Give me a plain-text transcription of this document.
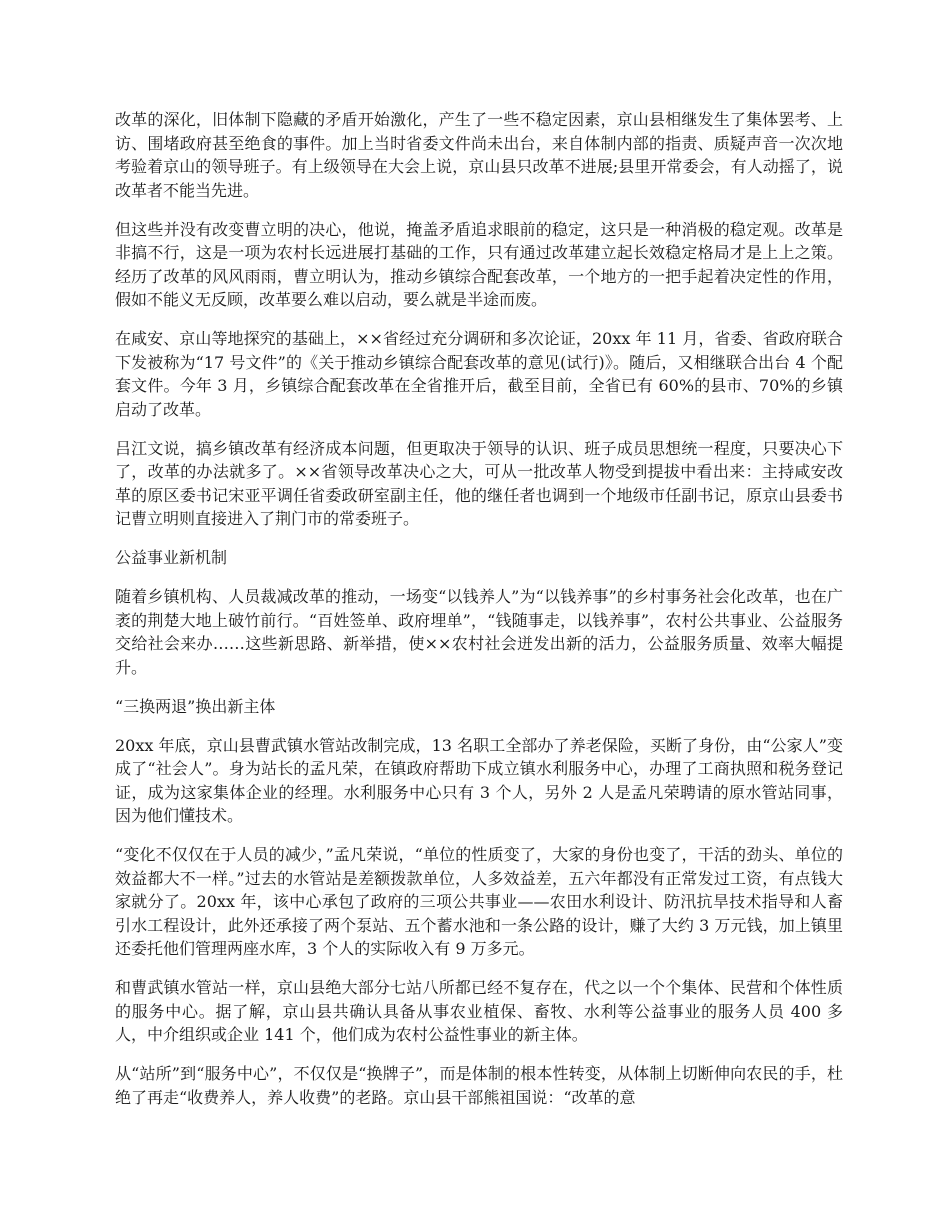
改革的深化，旧体制下隐藏的矛盾开始激化，产生了一些不稳定因素，京山县相继发生了集体罢考、上访、围堵政府甚至绝食的事件。加上当时省委文件尚未出台，来自体制内部的指责、质疑声音一次次地考验着京山的领导班子。有上级领导在大会上说，京山县只改革不进展;县里开常委会，有人动摇了，说改革者不能当先进。

但这些并没有改变曹立明的决心，他说，掩盖矛盾追求眼前的稳定，这只是一种消极的稳定观。改革是非搞不行，这是一项为农村长远进展打基础的工作，只有通过改革建立起长效稳定格局才是上上之策。经历了改革的风风雨雨，曹立明认为，推动乡镇综合配套改革，一个地方的一把手起着决定性的作用，假如不能义无反顾，改革要么难以启动，要么就是半途而废。

在咸安、京山等地探究的基础上，××省经过充分调研和多次论证，20xx 年 11 月，省委、省政府联合下发被称为“17 号文件”的《关于推动乡镇综合配套改革的意见(试行)》。随后，又相继联合出台 4 个配套文件。今年 3 月，乡镇综合配套改革在全省推开后，截至目前，全省已有 60%的县市、70%的乡镇启动了改革。

吕江文说，搞乡镇改革有经济成本问题，但更取决于领导的认识、班子成员思想统一程度，只要决心下了，改革的办法就多了。××省领导改革决心之大，可从一批改革人物受到提拔中看出来：主持咸安改革的原区委书记宋亚平调任省委政研室副主任，他的继任者也调到一个地级市任副书记，原京山县委书记曹立明则直接进入了荆门市的常委班子。

公益事业新机制

随着乡镇机构、人员裁减改革的推动，一场变“以钱养人”为“以钱养事”的乡村事务社会化改革，也在广袤的荆楚大地上破竹前行。“百姓签单、政府埋单”，“钱随事走，以钱养事”，农村公共事业、公益服务交给社会来办……这些新思路、新举措，使××农村社会迸发出新的活力，公益服务质量、效率大幅提升。

“三换两退”换出新主体

20xx 年底，京山县曹武镇水管站改制完成，13 名职工全部办了养老保险，买断了身份，由“公家人”变成了“社会人”。身为站长的孟凡荣，在镇政府帮助下成立镇水利服务中心，办理了工商执照和税务登记证，成为这家集体企业的经理。水利服务中心只有 3 个人，另外 2 人是孟凡荣聘请的原水管站同事，因为他们懂技术。

“变化不仅仅在于人员的减少，”孟凡荣说，“单位的性质变了，大家的身份也变了，干活的劲头、单位的效益都大不一样。”过去的水管站是差额拨款单位，人多效益差，五六年都没有正常发过工资，有点钱大家就分了。20xx 年，该中心承包了政府的三项公共事业——农田水利设计、防汛抗旱技术指导和人畜引水工程设计，此外还承接了两个泵站、五个蓄水池和一条公路的设计，赚了大约 3 万元钱，加上镇里还委托他们管理两座水库，3 个人的实际收入有 9 万多元。

和曹武镇水管站一样，京山县绝大部分七站八所都已经不复存在，代之以一个个集体、民营和个体性质的服务中心。据了解，京山县共确认具备从事农业植保、畜牧、水利等公益事业的服务人员 400 多人，中介组织或企业 141 个，他们成为农村公益性事业的新主体。

从“站所”到“服务中心”，不仅仅是“换牌子”，而是体制的根本性转变，从体制上切断伸向农民的手，杜绝了再走“收费养人，养人收费”的老路。京山县干部熊祖国说：“改革的意
